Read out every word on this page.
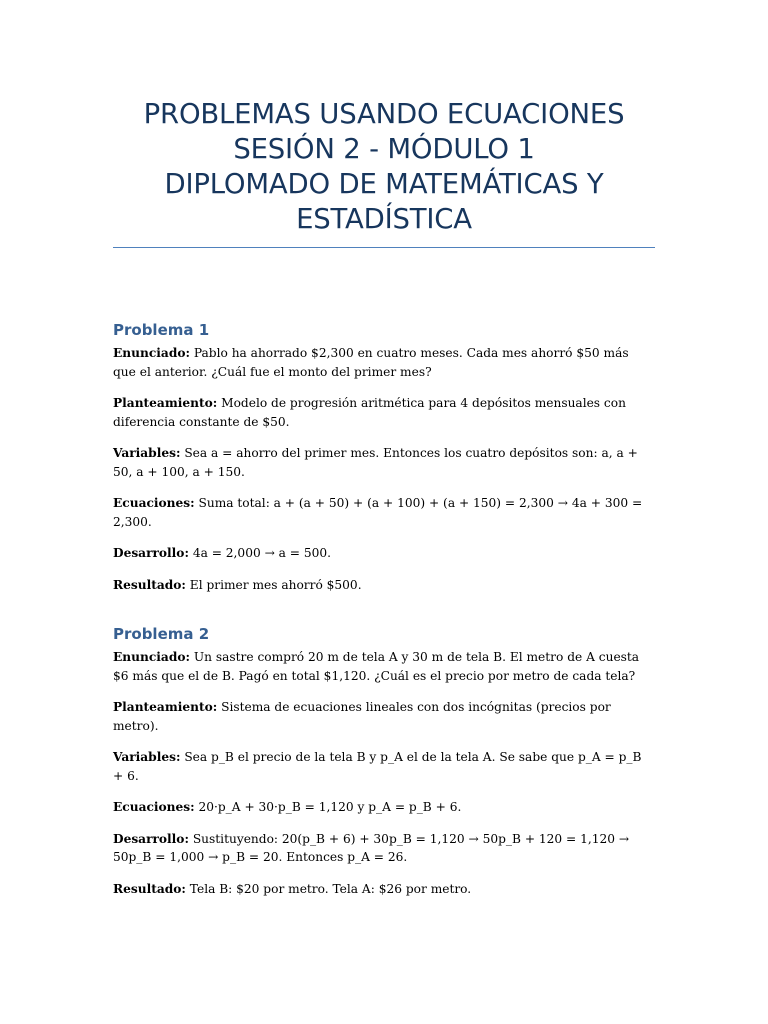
PROBLEMAS USANDO ECUACIONES
SESIÓN 2 - MÓDULO 1
DIPLOMADO DE MATEMÁTICAS Y
ESTADÍSTICA
Problema 1

Enunciado: Pablo ha ahorrado $2,300 en cuatro meses. Cada mes ahorró $50 más que el anterior. ¿Cuál fue el monto del primer mes?

Planteamiento: Modelo de progresión aritmética para 4 depósitos mensuales con diferencia constante de $50.

Variables: Sea a = ahorro del primer mes. Entonces los cuatro depósitos son: a, a + 50, a + 100, a + 150.

Ecuaciones: Suma total: a + (a + 50) + (a + 100) + (a + 150) = 2,300 → 4a + 300 = 2,300.

Desarrollo: 4a = 2,000 → a = 500.

Resultado: El primer mes ahorró $500.

Problema 2

Enunciado: Un sastre compró 20 m de tela A y 30 m de tela B. El metro de A cuesta $6 más que el de B. Pagó en total $1,120. ¿Cuál es el precio por metro de cada tela?

Planteamiento: Sistema de ecuaciones lineales con dos incógnitas (precios por metro).

Variables: Sea p_B el precio de la tela B y p_A el de la tela A. Se sabe que p_A = p_B + 6.

Ecuaciones: 20·p_A + 30·p_B = 1,120 y p_A = p_B + 6.

Desarrollo: Sustituyendo: 20(p_B + 6) + 30p_B = 1,120 → 50p_B + 120 = 1,120 → 50p_B = 1,000 → p_B = 20. Entonces p_A = 26.

Resultado: Tela B: $20 por metro. Tela A: $26 por metro.
